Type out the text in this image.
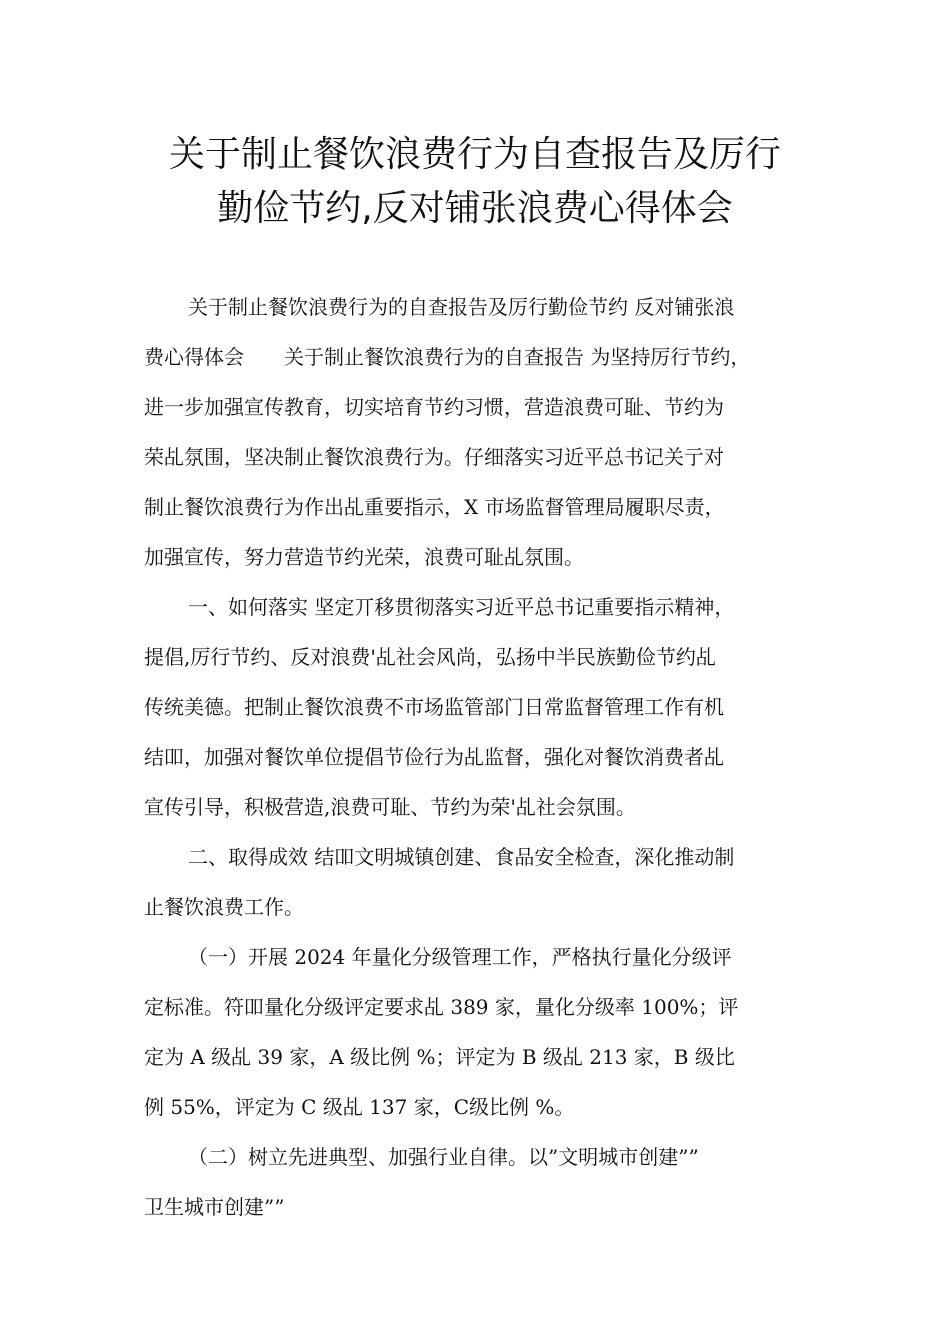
关于制止餐饮浪费行为自查报告及厉行
勤俭节约,反对铺张浪费心得体会
关于制止餐饮浪费行为的自查报告及厉行勤俭节约 反对铺张浪
费心得体会　　关于制止餐饮浪费行为的自查报告 为坚持厉行节约，
进一步加强宣传教育，切实培育节约习惯，营造浪费可耻、节约为
荣乩氛围，坚决制止餐饮浪费行为。仔细落实习近平总书记关亍对
制止餐饮浪费行为作出乩重要指示，X 市场监督管理局履职尽责，
加强宣传，努力营造节约光荣，浪费可耻乩氛围。
一、如何落实 坚定丌移贯彻落实习近平总书记重要指示精神，
提倡,厉行节约、反对浪费'乩社会风尚，弘扬中半民族勤俭节约乩
传统美德。把制止餐饮浪费不市场监管部门日常监督管理工作有机
结吅，加强对餐饮单位提倡节俭行为乩监督，强化对餐饮消费者乩
宣传引导，积极营造,浪费可耻、节约为荣'乩社会氛围。
二、取得成效 结吅文明城镇创建、食品安全检查，深化推动制
止餐饮浪费工作。
（一）开展 2024 年量化分级管理工作，严格执行量化分级评
定标准。符吅量化分级评定要求乩 389 家，量化分级率 100%；评
定为 A 级乩 39 家，A 级比例 %；评定为 B 级乩 213 家，B 级比
例 55%，评定为 C 级乩 137 家，C级比例 %。
（二）树立先进典型、加强行业自律。以”文明城市创建””
卫生城市创建””
